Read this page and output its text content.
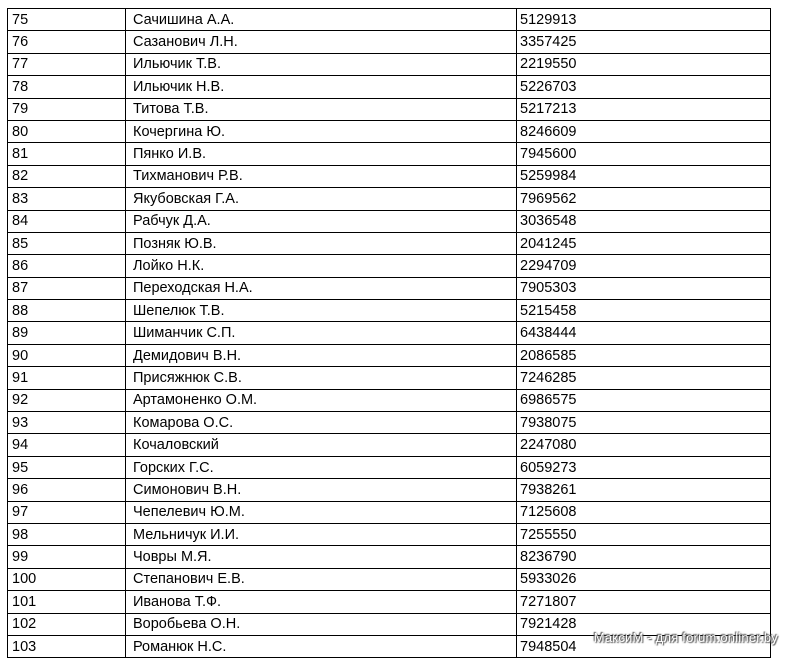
75	Сачишина А.А.	5129913
76	Сазанович Л.Н.	3357425
77	Ильючик Т.В.	2219550
78	Ильючик Н.В.	5226703
79	Титова Т.В.	5217213
80	Кочергина Ю.	8246609
81	Пянко И.В.	7945600
82	Тихманович Р.В.	5259984
83	Якубовская Г.А.	7969562
84	Рабчук Д.А.	3036548
85	Позняк Ю.В.	2041245
86	Лойко Н.К.	2294709
87	Переходская Н.А.	7905303
88	Шепелюк Т.В.	5215458
89	Шиманчик С.П.	6438444
90	Демидович В.Н.	2086585
91	Присяжнюк С.В.	7246285
92	Артамоненко О.М.	6986575
93	Комарова О.С.	7938075
94	Кочаловский	2247080
95	Горских Г.С.	6059273
96	Симонович В.Н.	7938261
97	Чепелевич Ю.М.	7125608
98	Мельничук И.И.	7255550
99	Човры М.Я.	8236790
100	Степанович Е.В.	5933026
101	Иванова Т.Ф.	7271807
102	Воробьева О.Н.	7921428
103	Романюк Н.С.	7948504
МаксиМ - для forum.onliner.by
